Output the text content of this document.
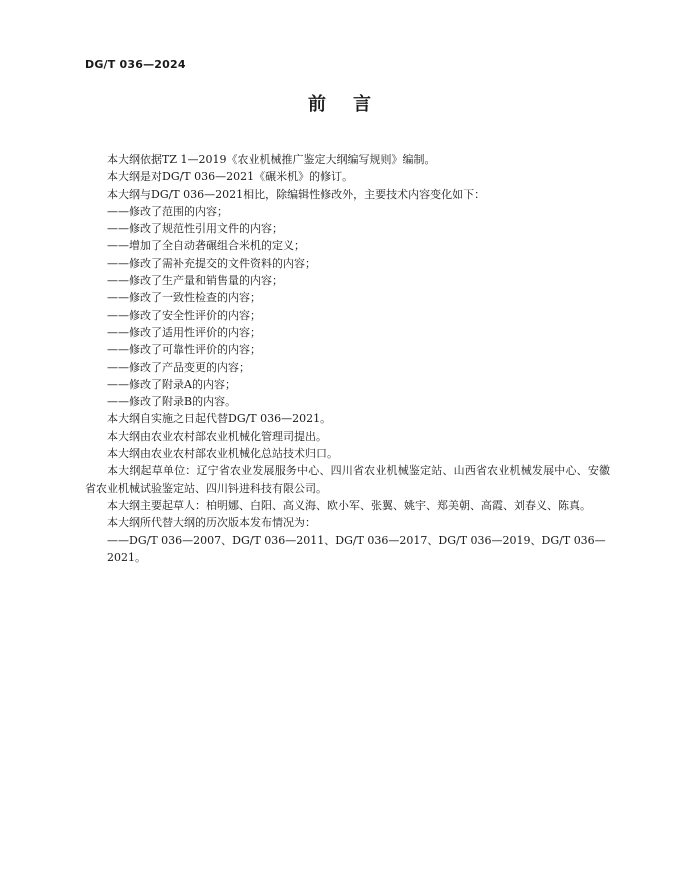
DG/T 036—2024
前 言

本大纲依据TZ 1—2019《农业机械推广鉴定大纲编写规则》编制。

本大纲是对DG/T 036—2021《碾米机》的修订。

本大纲与DG/T 036—2021相比，除编辑性修改外，主要技术内容变化如下：

——修改了范围的内容；

——修改了规范性引用文件的内容；

——增加了全自动砻碾组合米机的定义；

——修改了需补充提交的文件资料的内容；

——修改了生产量和销售量的内容；

——修改了一致性检查的内容；

——修改了安全性评价的内容；

——修改了适用性评价的内容；

——修改了可靠性评价的内容；

——修改了产品变更的内容；

——修改了附录A的内容；

——修改了附录B的内容。

本大纲自实施之日起代替DG/T 036—2021。

本大纲由农业农村部农业机械化管理司提出。

本大纲由农业农村部农业机械化总站技术归口。

本大纲起草单位：辽宁省农业发展服务中心、四川省农业机械鉴定站、山西省农业机械发展中心、安徽省农业机械试验鉴定站、四川钭进科技有限公司。

本大纲主要起草人：柏明娜、白阳、高义海、欧小军、张翼、姚宇、郑美朝、高霞、刘春义、陈真。

本大纲所代替大纲的历次版本发布情况为：

——DG/T 036—2007、DG/T 036—2011、DG/T 036—2017、DG/T 036—2019、DG/T 036—2021。
